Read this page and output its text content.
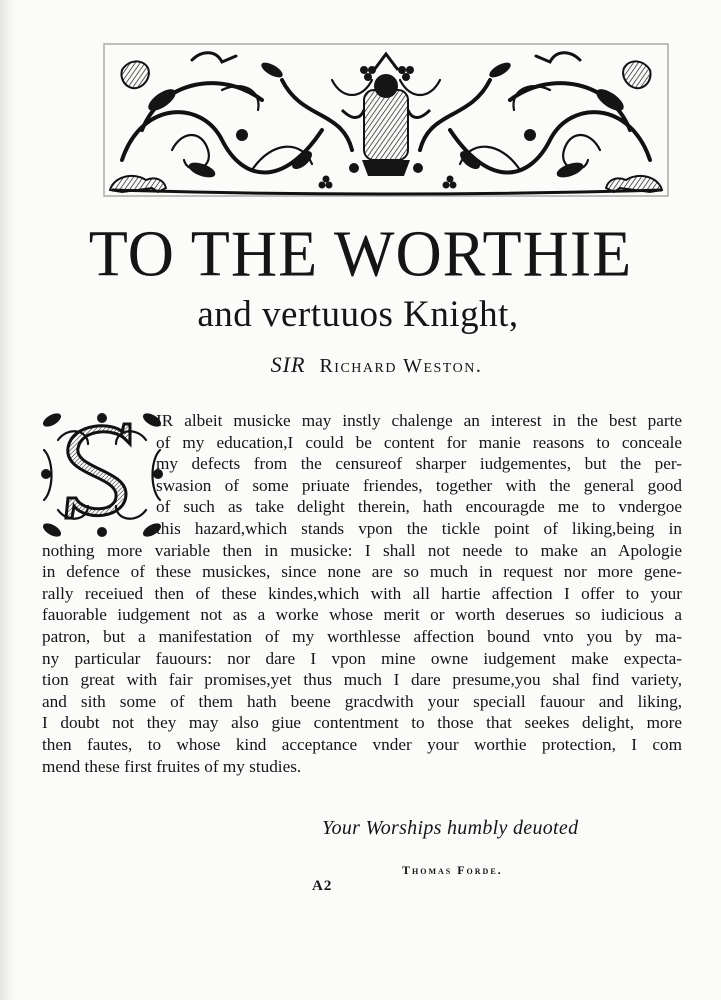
TO THE WORTHIE
and vertuuos Knight,
SIR Richard Weston.
IR albeit musicke may instly chalenge an interest in the best parte
of my education,I could be content for manie reasons to conceale
my defects from the censureof sharper iudgementes, but the per-
swasion of some priuate friendes, together with the general good
of such as take delight therein, hath encouragde me to vndergoe
this hazard,which stands vpon the tickle point of liking,being in
nothing more variable then in musicke: I shall not neede to make an Apologie
in defence of these musickes, since none are so much in request nor more gene-
rally receiued then of these kindes,which with all hartie affection I offer to your
fauorable iudgement not as a worke whose merit or worth deserues so iudicious a
patron, but a manifestation of my worthlesse affection bound vnto you by ma-
ny particular fauours: nor dare I vpon mine owne iudgement make expecta-
tion great with fair promises,yet thus much I dare presume,you shal find variety,
and sith some of them hath beene gracdwith your speciall fauour and liking,
I doubt not they may also giue contentment to those that seekes delight, more
then fautes, to whose kind acceptance vnder your worthie protection, I com
mend these first fruites of my studies.
Your Worships humbly deuoted
Thomas Forde.
A2
